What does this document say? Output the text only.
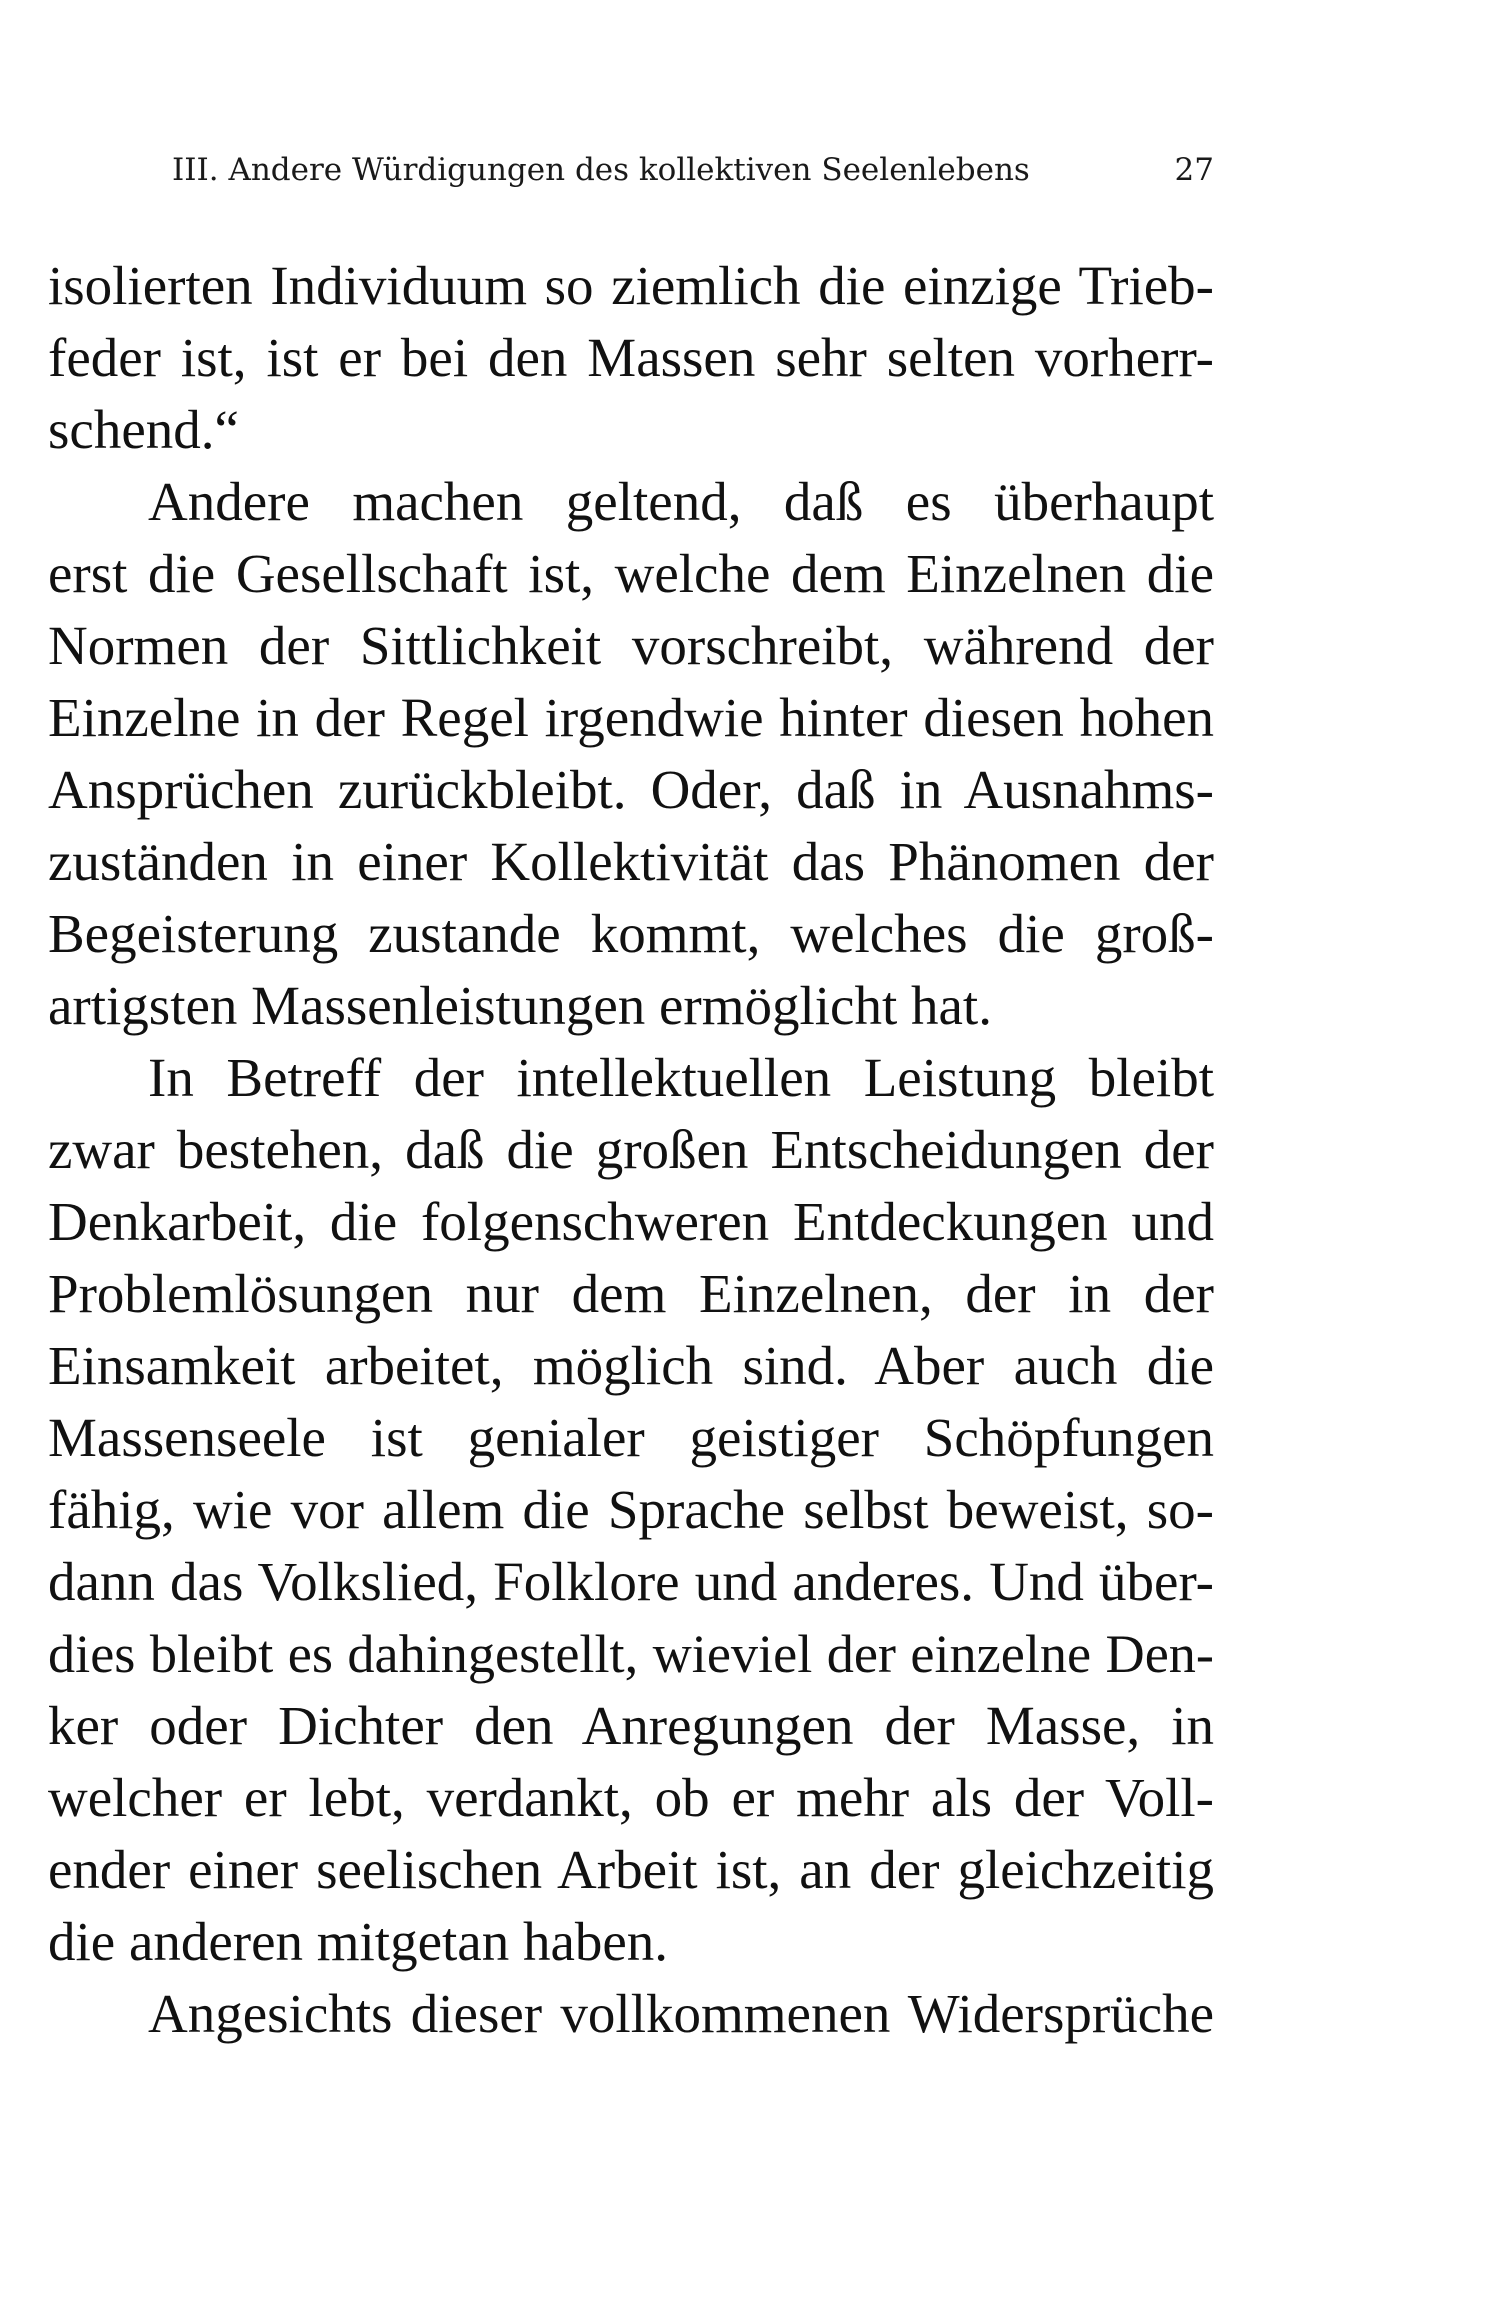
III. Andere Würdigungen des kollektiven Seelenlebens	27
isolierten Individuum so ziemlich die einzige Trieb-
feder ist, ist er bei den Massen sehr selten vorherr-
schend.“
Andere machen geltend, daß es überhaupt
erst die Gesellschaft ist, welche dem Einzelnen die
Normen der Sittlichkeit vorschreibt, während der
Einzelne in der Regel irgendwie hinter diesen hohen
Ansprüchen zurückbleibt. Oder, daß in Ausnahms-
zuständen in einer Kollektivität das Phänomen der
Begeisterung zustande kommt, welches die groß-
artigsten Massenleistungen ermöglicht hat.
In Betreff der intellektuellen Leistung bleibt
zwar bestehen, daß die großen Entscheidungen der
Denkarbeit, die folgenschweren Entdeckungen und
Problemlösungen nur dem Einzelnen, der in der
Einsamkeit arbeitet, möglich sind. Aber auch die
Massenseele ist genialer geistiger Schöpfungen
fähig, wie vor allem die Sprache selbst beweist, so-
dann das Volkslied, Folklore und anderes. Und über-
dies bleibt es dahingestellt, wieviel der einzelne Den-
ker oder Dichter den Anregungen der Masse, in
welcher er lebt, verdankt, ob er mehr als der Voll-
ender einer seelischen Arbeit ist, an der gleichzeitig
die anderen mitgetan haben.
Angesichts dieser vollkommenen Widersprüche
